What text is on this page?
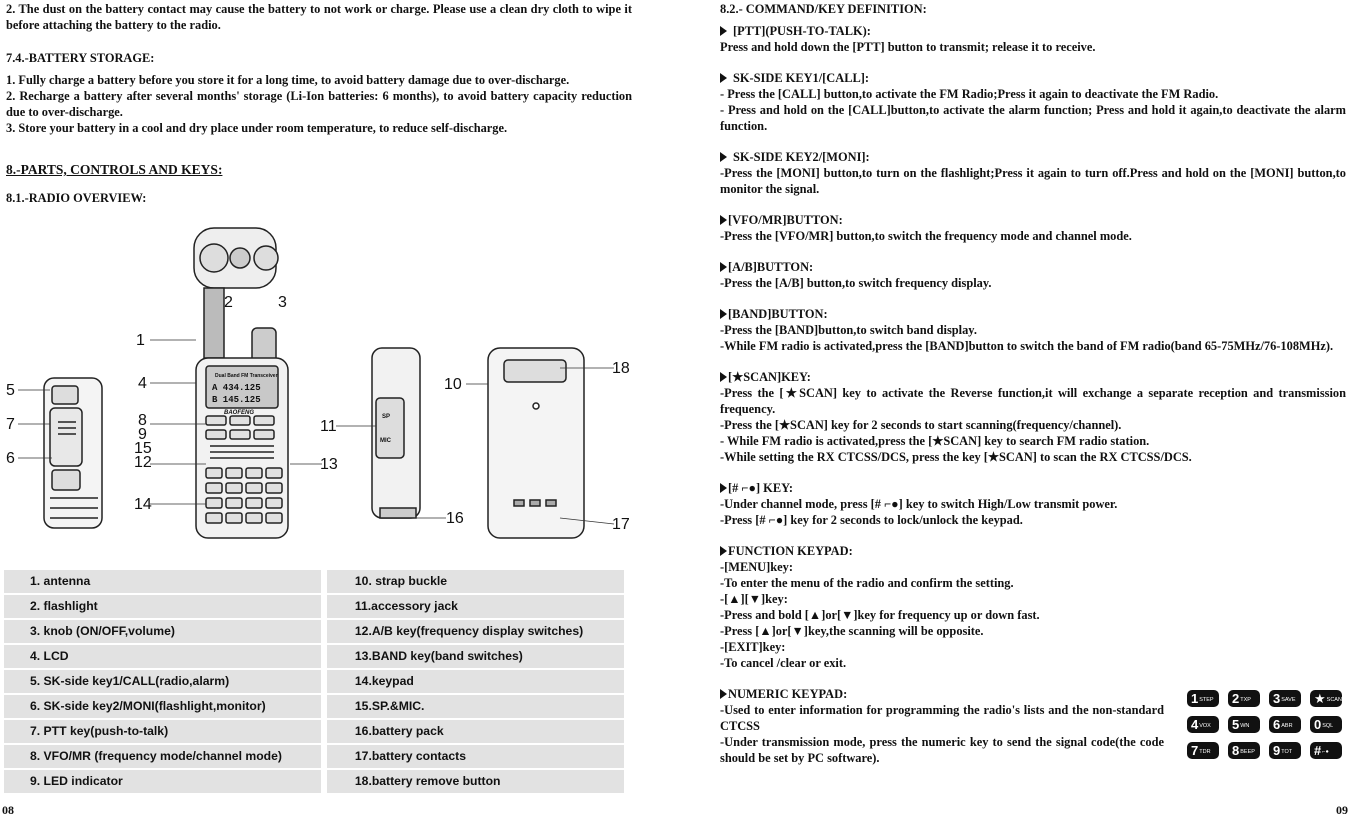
2. The dust on the battery contact may cause the battery to not work or charge. Please use a clean dry cloth to wipe it before attaching the battery to the radio.

7.4.-BATTERY STORAGE:

1. Fully charge a battery before you store it for a long time, to avoid battery damage due to over-discharge.

2. Recharge a battery after several months' storage (Li-Ion batteries: 6 months), to avoid battery capacity reduction due to over-discharge.

3. Store your battery in a cool and dry place under room temperature, to reduce self-discharge.

8.-PARTS, CONTROLS AND KEYS:

8.1.-RADIO OVERVIEW:

Dual Band FM Transceiver
A 434.125
B 145.125
BAOFENG
SP
MIC
1
2	3
4
5
6
7	8
9
10
11
12	13
14
15
16	17
18
1. antenna	10. strap buckle
2. flashlight	11.accessory jack
3. knob (ON/OFF,volume)	12.A/B key(frequency display switches)
4. LCD	13.BAND key(band switches)
5. SK-side key1/CALL(radio,alarm)	14.keypad
6. SK-side key2/MONI(flashlight,monitor)	15.SP.&MIC.
7. PTT key(push-to-talk)	16.battery pack
8. VFO/MR (frequency mode/channel mode)	17.battery contacts
9. LED indicator	18.battery remove button
08

8.2.- COMMAND/KEY DEFINITION:

[PTT](PUSH-TO-TALK):

Press and hold down the [PTT] button to transmit; release it to receive.

SK-SIDE KEY1/[CALL]:

- Press the [CALL] button,to activate the FM Radio;Press it again to deactivate the FM Radio.

- Press and hold on the [CALL]button,to activate the alarm function; Press and hold it again,to deactivate the alarm function.

SK-SIDE KEY2/[MONI]:

-Press the [MONI] button,to turn on the flashlight;Press it again to turn off.Press and hold on the [MONI] button,to monitor the signal.

[VFO/MR]BUTTON:

-Press the [VFO/MR] button,to switch the frequency mode and channel mode.

[A/B]BUTTON:

-Press the [A/B] button,to switch frequency display.

[BAND]BUTTON:

-Press the [BAND]button,to switch band display.

-While FM radio is activated,press the [BAND]button to switch the band of FM radio(band 65-75MHz/76-108MHz).

[★SCAN]KEY:

-Press the [★SCAN] key to activate the Reverse function,it will exchange a separate reception and transmission frequency.

-Press the [★SCAN] key for 2 seconds to start scanning(frequency/channel).

- While FM radio is activated,press the [★SCAN] key to search FM radio station.

-While setting the RX CTCSS/DCS, press the key [★SCAN] to scan the RX CTCSS/DCS.

[# ⌐●] KEY:

-Under channel mode, press [# ⌐●] key to switch High/Low transmit power.

-Press [# ⌐●] key for 2 seconds to lock/unlock the keypad.

FUNCTION KEYPAD:

-[MENU]key:

-To enter the menu of the radio and confirm the setting.

-[▲][▼]key:

-Press and bold [▲]or[▼]key for frequency up or down fast.

-Press [▲]or[▼]key,the scanning will be opposite.

-[EXIT]key:

-To cancel /clear or exit.

NUMERIC KEYPAD:

-Used to enter information for programming the radio's lists and the non-standard CTCSS

-Under transmission mode, press the numeric key to send the signal code(the code should be set by PC software).

1STEP	2TXP	3SAVE	★SCAN
4VOX	5WN	6ABR	0SQL
7TDR	8BEEP	9TOT	#⌐●
09
